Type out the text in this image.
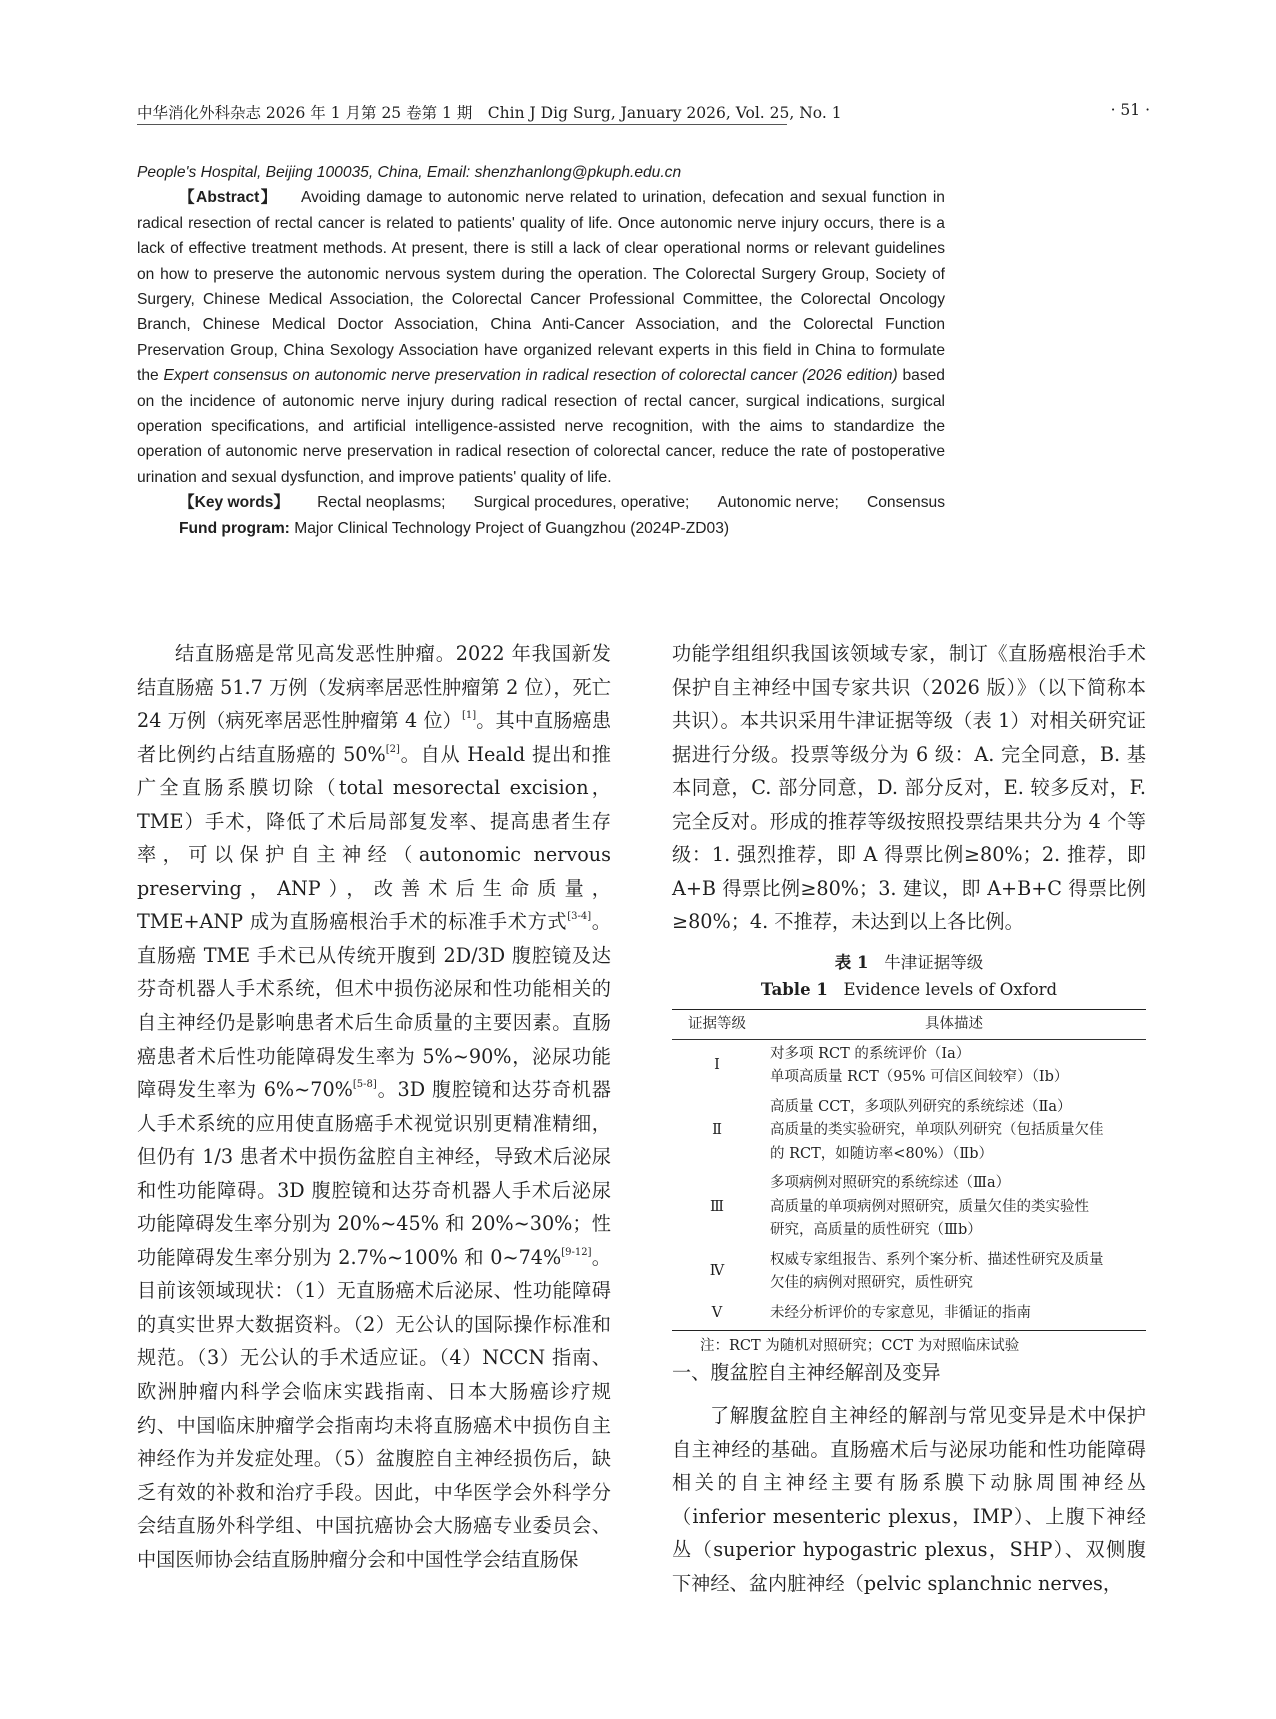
中华消化外科杂志 2026 年 1 月第 25 卷第 1 期　Chin J Dig Surg, January 2026, Vol. 25, No. 1	· 51 ·

People's Hospital, Beijing 100035, China, Email: shenzhanlong@pkuph.edu.cn

【Abstract】 Avoiding damage to autonomic nerve related to urination, defecation and sexual function in radical resection of rectal cancer is related to patients' quality of life. Once autonomic nerve injury occurs, there is a lack of effective treatment methods. At present, there is still a lack of clear operational norms or relevant guidelines on how to preserve the autonomic nervous system during the operation. The Colorectal Surgery Group, Society of Surgery, Chinese Medical Association, the Colorectal Cancer Professional Committee, the Colorectal Oncology Branch, Chinese Medical Doctor Association, China Anti-Cancer Association, and the Colorectal Function Preservation Group, China Sexology Association have organized relevant experts in this field in China to formulate the Expert consensus on autonomic nerve preservation in radical resection of colorectal cancer (2026 edition) based on the incidence of autonomic nerve injury during radical resection of rectal cancer, surgical indications, surgical operation specifications, and artificial intelligence-assisted nerve recognition, with the aims to standardize the operation of autonomic nerve preservation in radical resection of colorectal cancer, reduce the rate of postoperative urination and sexual dysfunction, and improve patients' quality of life.

【Key words】 Rectal neoplasms; Surgical procedures, operative; Autonomic nerve; Consensus

Fund program: Major Clinical Technology Project of Guangzhou (2024P-ZD03)

结直肠癌是常见高发恶性肿瘤。2022 年我国新发结直肠癌 51.7 万例（发病率居恶性肿瘤第 2 位），死亡 24 万例（病死率居恶性肿瘤第 4 位）[1]。其中直肠癌患者比例约占结直肠癌的 50%[2]。自从 Heald 提出和推广全直肠系膜切除（total mesorectal excision，TME）手术，降低了术后局部复发率、提高患者生存率，可以保护自主神经（autonomic nervous preserving，ANP），改善术后生命质量，TME+ANP 成为直肠癌根治手术的标准手术方式[3-4]。直肠癌 TME 手术已从传统开腹到 2D/3D 腹腔镜及达芬奇机器人手术系统，但术中损伤泌尿和性功能相关的自主神经仍是影响患者术后生命质量的主要因素。直肠癌患者术后性功能障碍发生率为 5%~90%，泌尿功能障碍发生率为 6%~70%[5-8]。3D 腹腔镜和达芬奇机器人手术系统的应用使直肠癌手术视觉识别更精准精细，但仍有 1/3 患者术中损伤盆腔自主神经，导致术后泌尿和性功能障碍。3D 腹腔镜和达芬奇机器人手术后泌尿功能障碍发生率分别为 20%~45% 和 20%~30%；性功能障碍发生率分别为 2.7%~100% 和 0~74%[9-12]。目前该领域现状：（1）无直肠癌术后泌尿、性功能障碍的真实世界大数据资料。（2）无公认的国际操作标准和规范。（3）无公认的手术适应证。（4）NCCN 指南、欧洲肿瘤内科学会临床实践指南、日本大肠癌诊疗规约、中国临床肿瘤学会指南均未将直肠癌术中损伤自主神经作为并发症处理。（5）盆腹腔自主神经损伤后，缺乏有效的补救和治疗手段。因此，中华医学会外科学分会结直肠外科学组、中国抗癌协会大肠癌专业委员会、中国医师协会结直肠肿瘤分会和中国性学会结直肠保

功能学组组织我国该领域专家，制订《直肠癌根治手术保护自主神经中国专家共识（2026 版）》（以下简称本共识）。本共识采用牛津证据等级（表 1）对相关研究证据进行分级。投票等级分为 6 级：A. 完全同意，B. 基本同意，C. 部分同意，D. 部分反对，E. 较多反对，F. 完全反对。形成的推荐等级按照投票结果共分为 4 个等级：1. 强烈推荐，即 A 得票比例≥80%；2. 推荐，即 A+B 得票比例≥80%；3. 建议，即 A+B+C 得票比例≥80%；4. 不推荐，未达到以上各比例。

表 1 牛津证据等级
Table 1 Evidence levels of Oxford
证据等级	具体描述
Ⅰ	对多项 RCT 的系统评价（Ⅰa）
单项高质量 RCT（95% 可信区间较窄）（Ⅰb）

Ⅱ	高质量 CCT，多项队列研究的系统综述（Ⅱa）
高质量的类实验研究，单项队列研究（包括质量欠佳
的 RCT，如随访率<80%）（Ⅱb）

Ⅲ	多项病例对照研究的系统综述（Ⅲa）
高质量的单项病例对照研究，质量欠佳的类实验性
研究，高质量的质性研究（Ⅲb）

Ⅳ	权威专家组报告、系列个案分析、描述性研究及质量
欠佳的病例对照研究，质性研究

Ⅴ	未经分析评价的专家意见，非循证的指南
注：RCT 为随机对照研究；CCT 为对照临床试验
一、腹盆腔自主神经解剖及变异

了解腹盆腔自主神经的解剖与常见变异是术中保护自主神经的基础。直肠癌术后与泌尿功能和性功能障碍相关的自主神经主要有肠系膜下动脉周围神经丛（inferior mesenteric plexus，IMP）、上腹下神经丛（superior hypogastric plexus，SHP）、双侧腹下神经、盆内脏神经（pelvic splanchnic nerves，
